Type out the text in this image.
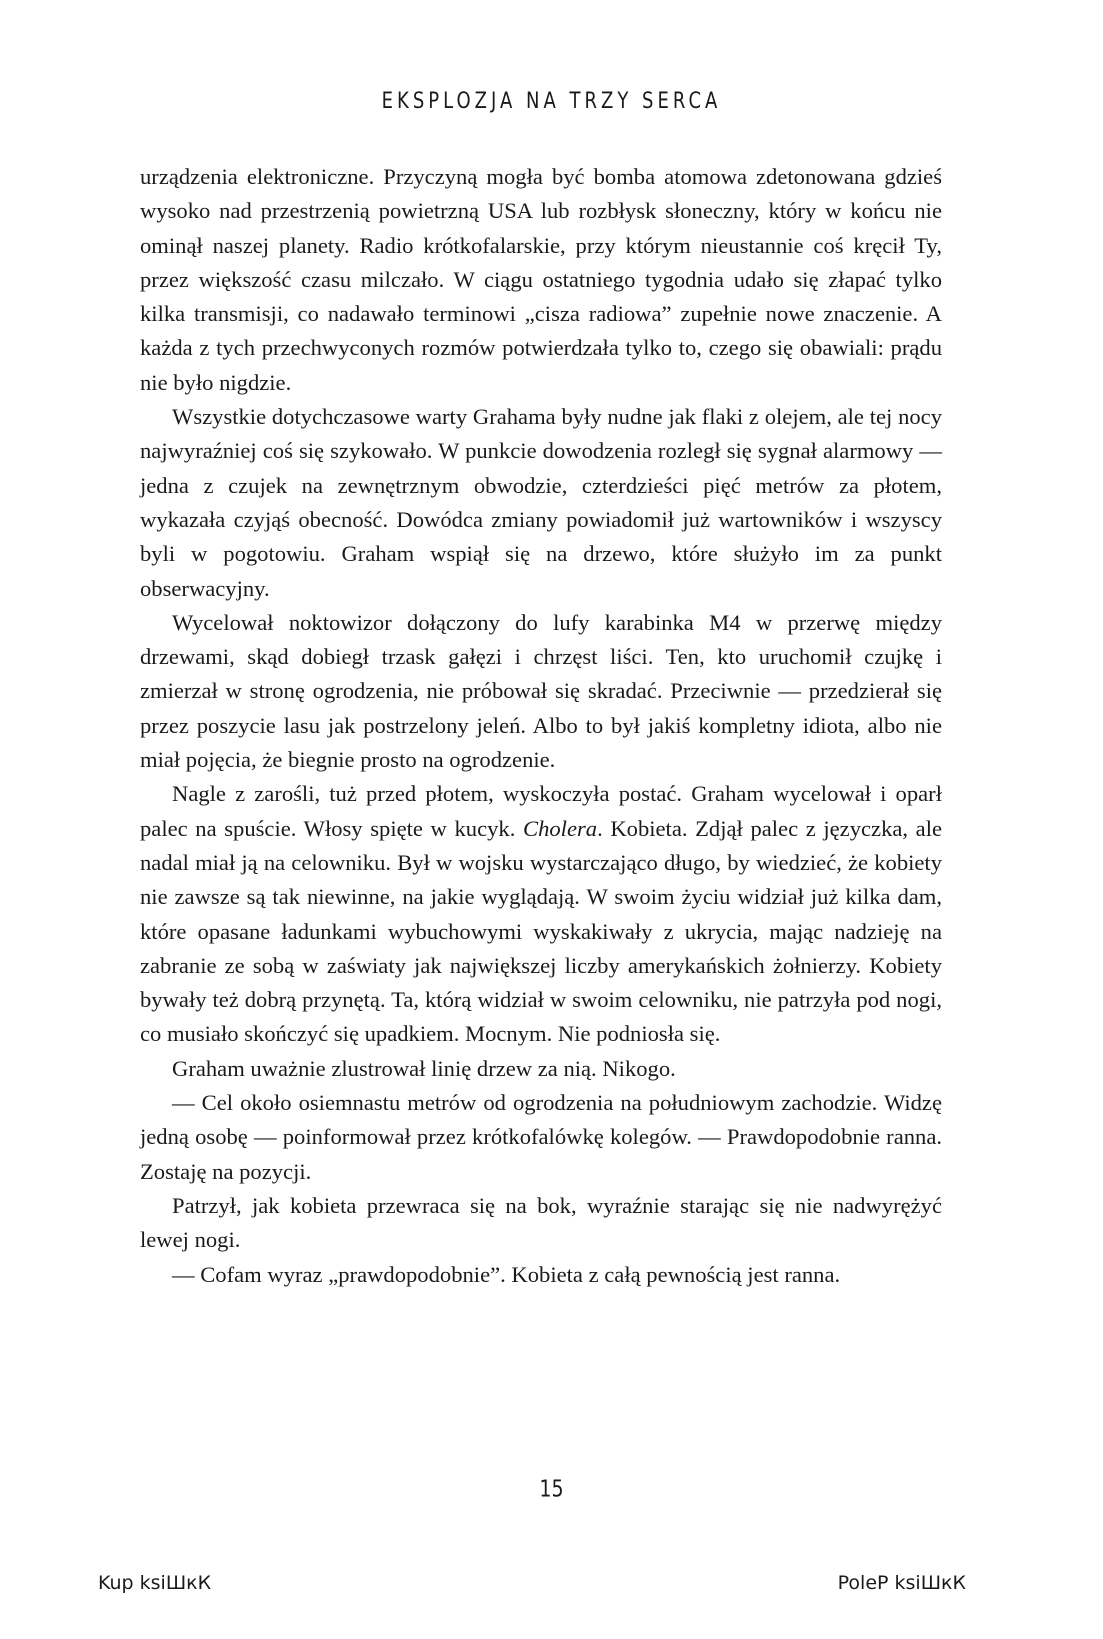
EKSPLOZJA NA TRZY SERCA

urządzenia elektroniczne. Przyczyną mogła być bomba atomowa zdetonowana gdzieś wysoko nad przestrzenią powietrzną USA lub rozbłysk słoneczny, który w końcu nie ominął naszej planety. Radio krótkofalarskie, przy którym nieustannie coś kręcił Ty, przez większość czasu milczało. W ciągu ostatniego tygodnia udało się złapać tylko kilka transmisji, co nadawało terminowi „cisza radiowa” zupełnie nowe znaczenie. A każda z tych przechwyconych rozmów potwierdzała tylko to, czego się obawiali: prądu nie było nigdzie.

Wszystkie dotychczasowe warty Grahama były nudne jak flaki z olejem, ale tej nocy najwyraźniej coś się szykowało. W punkcie dowodzenia rozległ się sygnał alarmowy — jedna z czujek na zewnętrznym obwodzie, czterdzieści pięć metrów za płotem, wykazała czyjąś obecność. Dowódca zmiany powiadomił już wartowników i wszyscy byli w pogotowiu. Graham wspiął się na drzewo, które służyło im za punkt obserwacyjny.

Wycelował noktowizor dołączony do lufy karabinka M4 w przerwę między drzewami, skąd dobiegł trzask gałęzi i chrzęst liści. Ten, kto uruchomił czujkę i zmierzał w stronę ogrodzenia, nie próbował się skradać. Przeciwnie — przedzierał się przez poszycie lasu jak postrzelony jeleń. Albo to był jakiś kompletny idiota, albo nie miał pojęcia, że biegnie prosto na ogrodzenie.

Nagle z zarośli, tuż przed płotem, wyskoczyła postać. Graham wycelował i oparł palec na spuście. Włosy spięte w kucyk. Cholera. Kobieta. Zdjął palec z języczka, ale nadal miał ją na celowniku. Był w wojsku wystarczająco długo, by wiedzieć, że kobiety nie zawsze są tak niewinne, na jakie wyglądają. W swoim życiu widział już kilka dam, które opasane ładunkami wybuchowymi wyskakiwały z ukrycia, mając nadzieję na zabranie ze sobą w zaświaty jak największej liczby amerykańskich żołnierzy. Kobiety bywały też dobrą przynętą. Ta, którą widział w swoim celowniku, nie patrzyła pod nogi, co musiało skończyć się upadkiem. Mocnym. Nie podniosła się.

Graham uważnie zlustrował linię drzew za nią. Nikogo.

— Cel około osiemnastu metrów od ogrodzenia na południowym zachodzie. Widzę jedną osobę — poinformował przez krótkofalówkę kolegów. — Prawdopodobnie ranna. Zostaję na pozycji.

Patrzył, jak kobieta przewraca się na bok, wyraźnie starając się nie nadwyrężyć lewej nogi.

— Cofam wyraz „prawdopodobnie”. Kobieta z całą pewnością jest ranna.

15
Kup ksiШкК	PoleР ksiШкК
